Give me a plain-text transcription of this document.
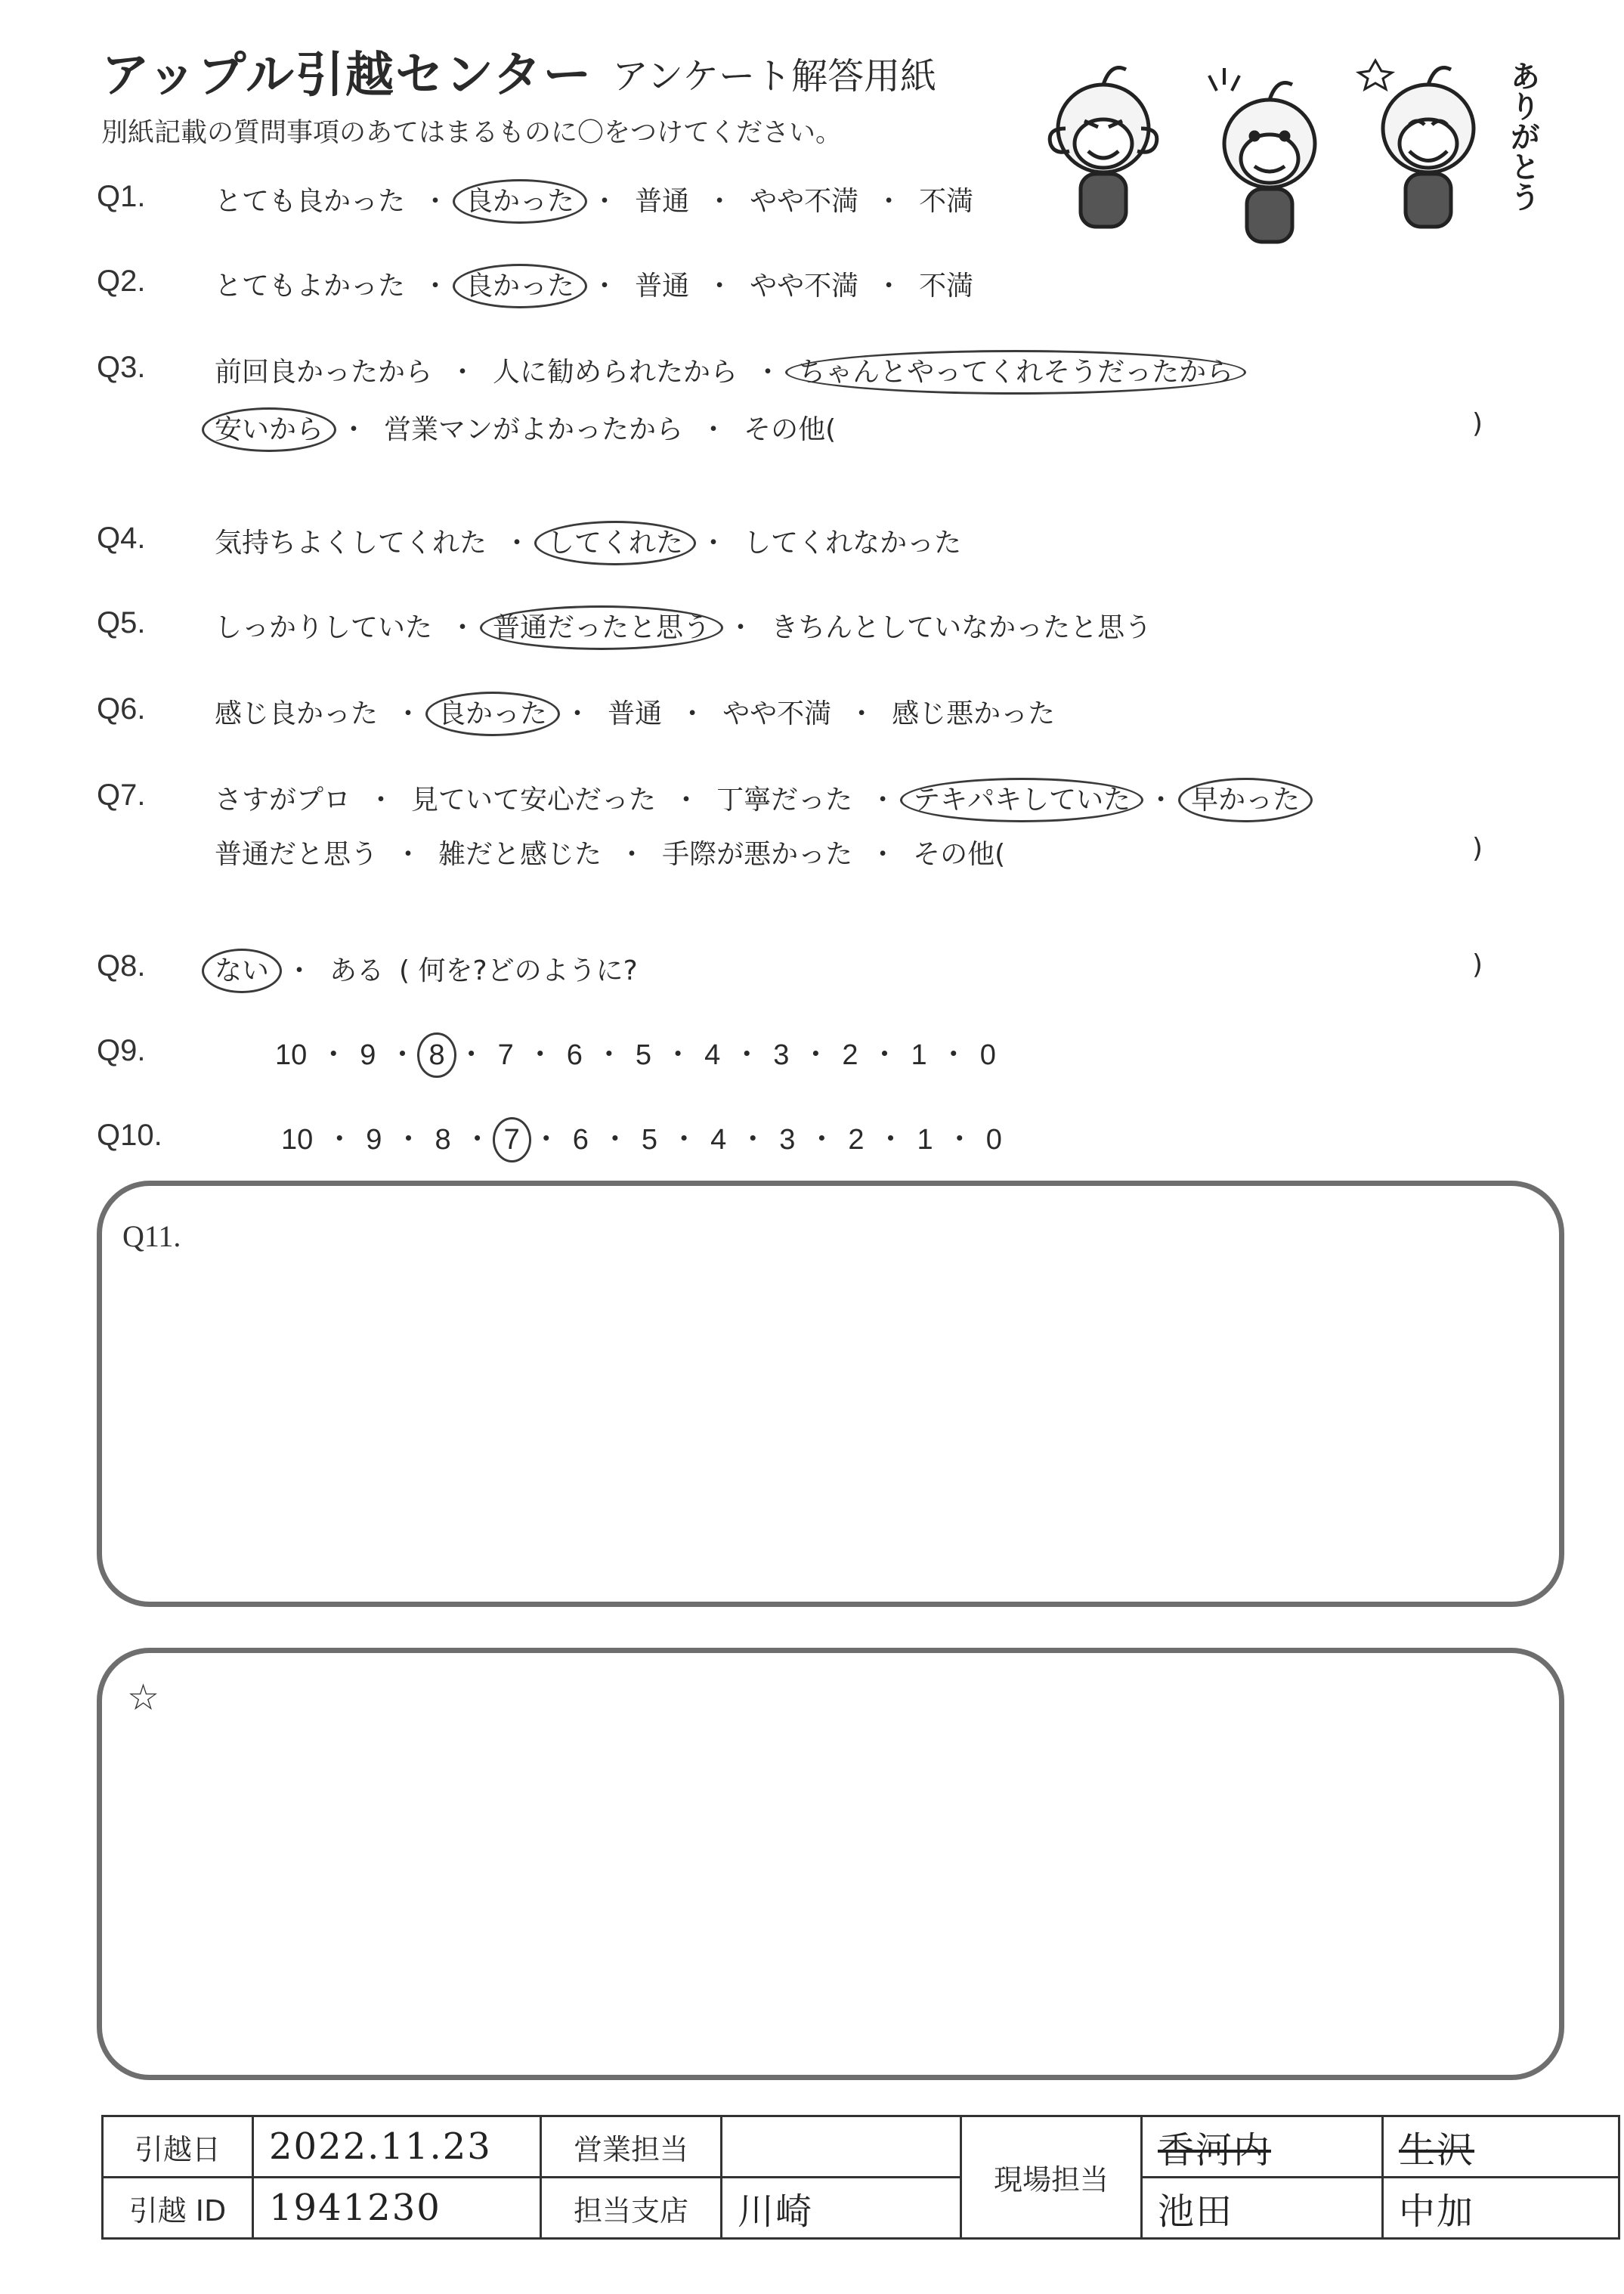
アップル引越センター アンケート解答用紙
別紙記載の質問事項のあてはまるものに〇をつけてください。	ありがとう
Q1.	とても良かった ・ 良かった ・ 普通 ・ やや不満 ・ 不満
Q2.	とてもよかった ・ 良かった ・ 普通 ・ やや不満 ・ 不満
Q3.	前回良かったから ・ 人に勧められたから ・ ちゃんとやってくれそうだったから
安いから ・ 営業マンがよかったから ・ その他(	)
Q4.	気持ちよくしてくれた ・ してくれた ・ してくれなかった
Q5.	しっかりしていた ・ 普通だったと思う ・ きちんとしていなかったと思う
Q6.	感じ良かった ・ 良かった ・ 普通 ・ やや不満 ・ 感じ悪かった
Q7.	さすがプロ ・ 見ていて安心だった ・ 丁寧だった ・ テキパキしていた ・ 早かった
普通だと思う ・ 雑だと感じた ・ 手際が悪かった ・ その他(	)
Q8.	ない ・ ある ( 何を?どのように?	)
Q9.	10 ・ 9 ・ 8 ・ 7 ・ 6 ・ 5 ・ 4 ・ 3 ・ 2 ・ 1 ・ 0
Q10.	10 ・ 9 ・ 8 ・ 7 ・ 6 ・ 5 ・ 4 ・ 3 ・ 2 ・ 1 ・ 0
Q11.
☆
引越日	2022.11.23	営業担当		現場担当	香河内	生沢
引越 ID	1941230	担当支店	川崎		池田	中加
